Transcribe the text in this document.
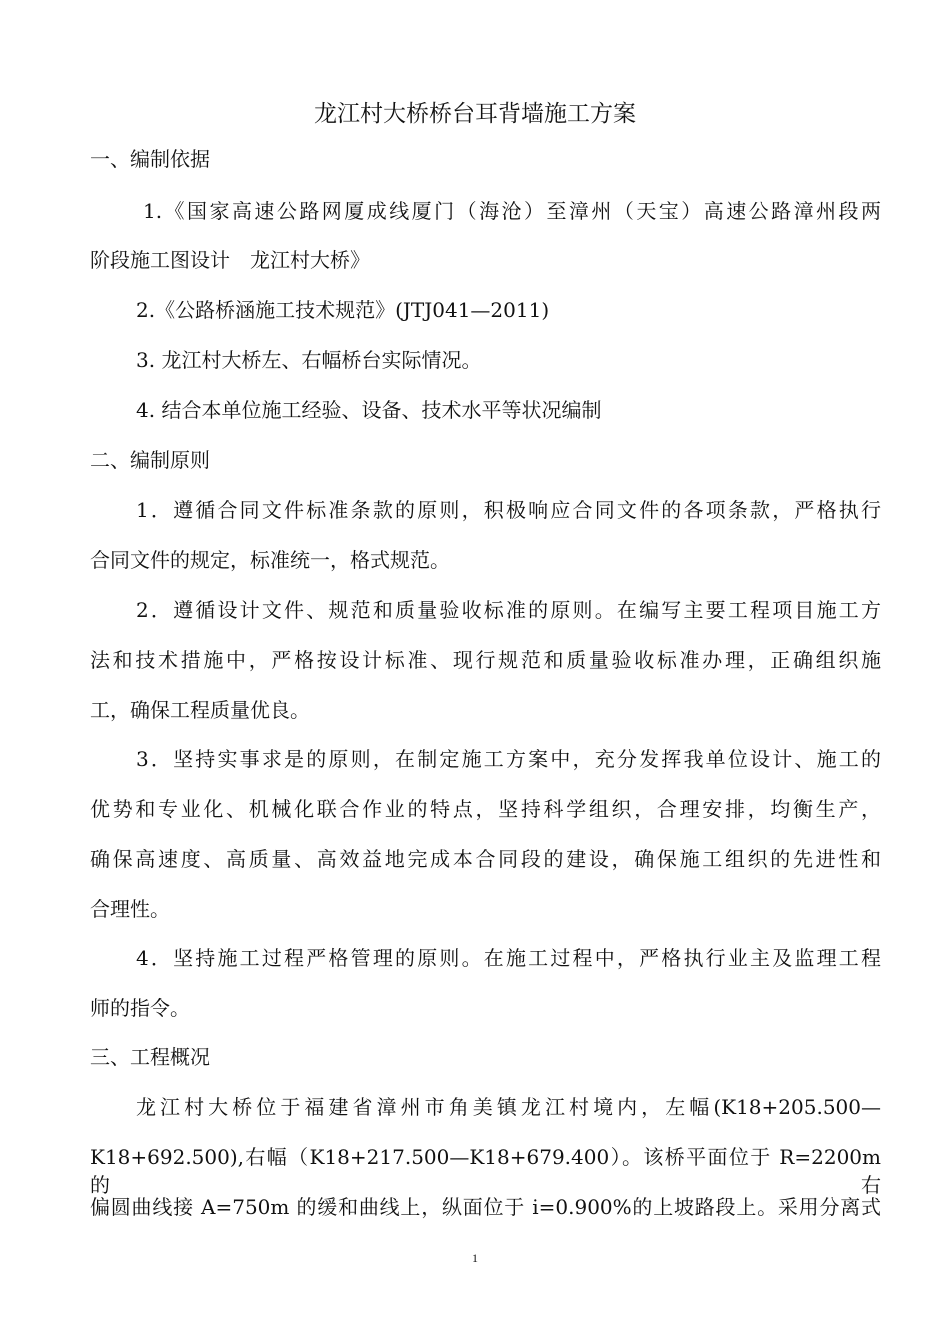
龙江村大桥桥台耳背墙施工方案
一、编制依据
1.《国家高速公路网厦成线厦门（海沧）至漳州（天宝）高速公路漳州段两
阶段施工图设计　龙江村大桥》
2.《公路桥涵施工技术规范》(JTJ041—2011)
3. 龙江村大桥左、右幅桥台实际情况。
4. 结合本单位施工经验、设备、技术水平等状况编制
二、编制原则
1．遵循合同文件标准条款的原则，积极响应合同文件的各项条款，严格执行
合同文件的规定，标准统一，格式规范。
2．遵循设计文件、规范和质量验收标准的原则。在编写主要工程项目施工方
法和技术措施中，严格按设计标准、现行规范和质量验收标准办理，正确组织施
工，确保工程质量优良。
3．坚持实事求是的原则，在制定施工方案中，充分发挥我单位设计、施工的
优势和专业化、机械化联合作业的特点，坚持科学组织，合理安排，均衡生产，
确保高速度、高质量、高效益地完成本合同段的建设，确保施工组织的先进性和
合理性。
4．坚持施工过程严格管理的原则。在施工过程中，严格执行业主及监理工程
师的指令。
三、工程概况
龙江村大桥位于福建省漳州市角美镇龙江村境内，左幅(K18+205.500—
K18+692.500),右幅（K18+217.500—K18+679.400）。该桥平面位于 R=2200m 的右
偏圆曲线接 A=750m 的缓和曲线上，纵面位于 i=0.900%的上坡路段上。采用分离式
1
